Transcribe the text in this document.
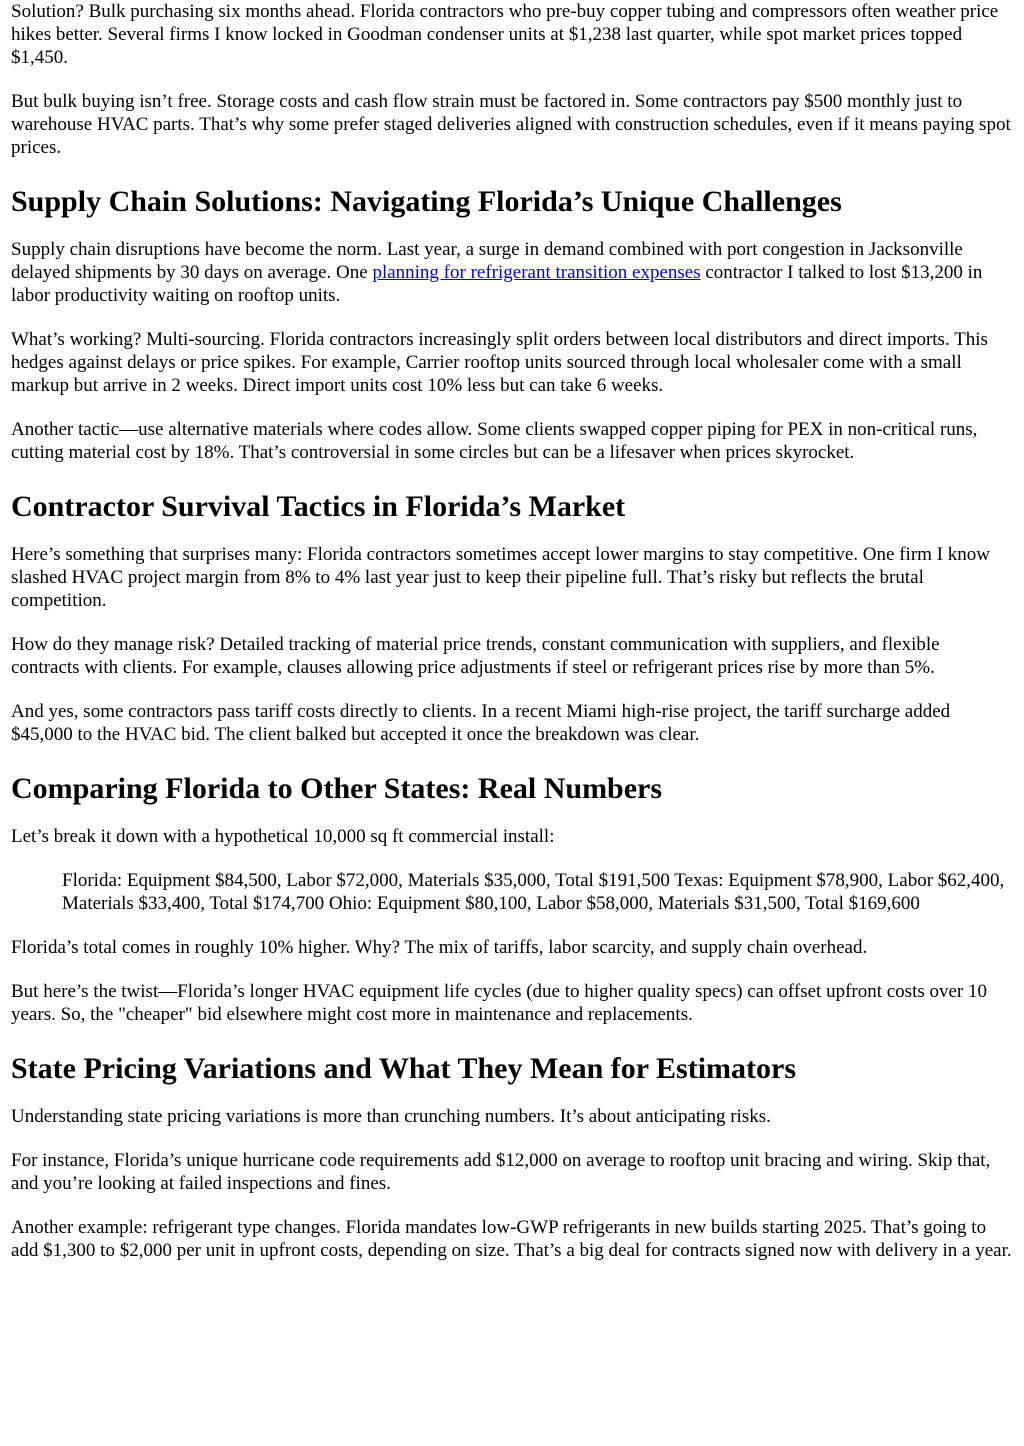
Solution? Bulk purchasing six months ahead. Florida contractors who pre-buy copper tubing and compressors often weather price hikes better. Several firms I know locked in Goodman condenser units at $1,238 last quarter, while spot market prices topped $1,450.

But bulk buying isn’t free. Storage costs and cash flow strain must be factored in. Some contractors pay $500 monthly just to warehouse HVAC parts. That’s why some prefer staged deliveries aligned with construction schedules, even if it means paying spot prices.

Supply Chain Solutions: Navigating Florida’s Unique Challenges

Supply chain disruptions have become the norm. Last year, a surge in demand combined with port congestion in Jacksonville delayed shipments by 30 days on average. One planning for refrigerant transition expenses contractor I talked to lost $13,200 in labor productivity waiting on rooftop units.

What’s working? Multi-sourcing. Florida contractors increasingly split orders between local distributors and direct imports. This hedges against delays or price spikes. For example, Carrier rooftop units sourced through local wholesaler come with a small markup but arrive in 2 weeks. Direct import units cost 10% less but can take 6 weeks.

Another tactic—use alternative materials where codes allow. Some clients swapped copper piping for PEX in non-critical runs, cutting material cost by 18%. That’s controversial in some circles but can be a lifesaver when prices skyrocket.

Contractor Survival Tactics in Florida’s Market

Here’s something that surprises many: Florida contractors sometimes accept lower margins to stay competitive. One firm I know slashed HVAC project margin from 8% to 4% last year just to keep their pipeline full. That’s risky but reflects the brutal competition.

How do they manage risk? Detailed tracking of material price trends, constant communication with suppliers, and flexible contracts with clients. For example, clauses allowing price adjustments if steel or refrigerant prices rise by more than 5%.

And yes, some contractors pass tariff costs directly to clients. In a recent Miami high-rise project, the tariff surcharge added $45,000 to the HVAC bid. The client balked but accepted it once the breakdown was clear.

Comparing Florida to Other States: Real Numbers

Let’s break it down with a hypothetical 10,000 sq ft commercial install:

Florida: Equipment $84,500, Labor $72,000, Materials $35,000, Total $191,500 Texas: Equipment $78,900, Labor $62,400, Materials $33,400, Total $174,700 Ohio: Equipment $80,100, Labor $58,000, Materials $31,500, Total $169,600

Florida’s total comes in roughly 10% higher. Why? The mix of tariffs, labor scarcity, and supply chain overhead.

But here’s the twist—Florida’s longer HVAC equipment life cycles (due to higher quality specs) can offset upfront costs over 10 years. So, the "cheaper" bid elsewhere might cost more in maintenance and replacements.

State Pricing Variations and What They Mean for Estimators

Understanding state pricing variations is more than crunching numbers. It’s about anticipating risks.

For instance, Florida’s unique hurricane code requirements add $12,000 on average to rooftop unit bracing and wiring. Skip that, and you’re looking at failed inspections and fines.

Another example: refrigerant type changes. Florida mandates low-GWP refrigerants in new builds starting 2025. That’s going to add $1,300 to $2,000 per unit in upfront costs, depending on size. That’s a big deal for contracts signed now with delivery in a year.
